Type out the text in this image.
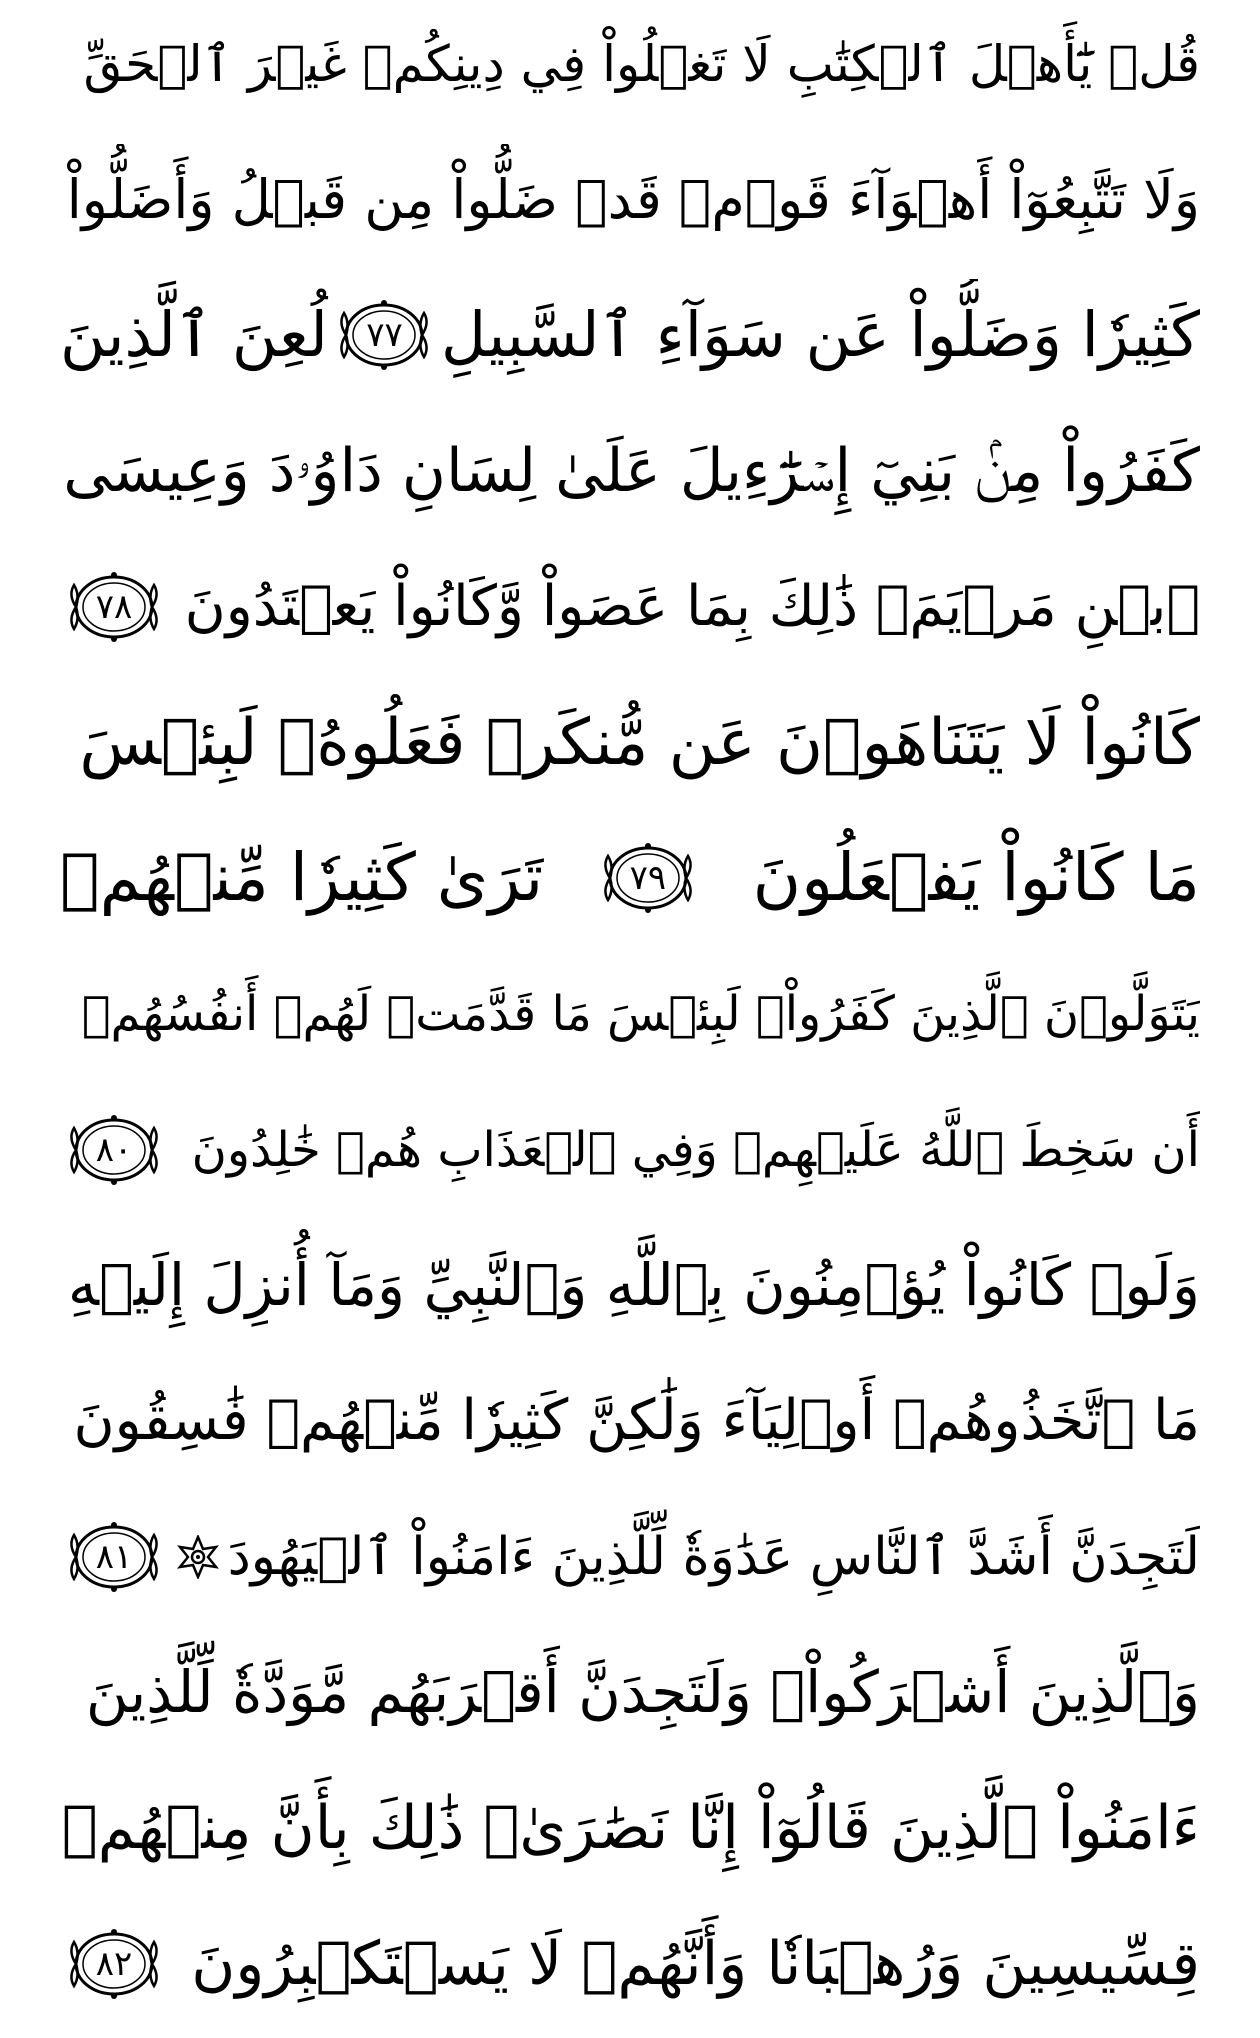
قُلۡ يَٰٓأَهۡلَ ٱلۡكِتَٰبِ لَا تَغۡلُواْ فِي دِينِكُمۡ غَيۡرَ ٱلۡحَقِّ
وَلَا تَتَّبِعُوٓاْ أَهۡوَآءَ قَوۡمٖ قَدۡ ضَلُّواْ مِن قَبۡلُ وَأَضَلُّواْ
كَثِيرٗا وَضَلُّواْ عَن سَوَآءِ ٱلسَّبِيلِ
٧٧
لُعِنَ ٱلَّذِينَ
كَفَرُواْ مِنۢ بَنِيٓ إِسۡرَٰٓءِيلَ عَلَىٰ لِسَانِ دَاوُۥدَ وَعِيسَى
ٱبۡنِ مَرۡيَمَۚ ذَٰلِكَ بِمَا عَصَواْ وَّكَانُواْ يَعۡتَدُونَ
٧٨
كَانُواْ لَا يَتَنَاهَوۡنَ عَن مُّنكَرٖ فَعَلُوهُۚ لَبِئۡسَ
مَا كَانُواْ يَفۡعَلُونَ
٧٩
تَرَىٰ كَثِيرٗا مِّنۡهُمۡ
يَتَوَلَّوۡنَ ٱلَّذِينَ كَفَرُواْۚ لَبِئۡسَ مَا قَدَّمَتۡ لَهُمۡ أَنفُسُهُمۡ
أَن سَخِطَ ٱللَّهُ عَلَيۡهِمۡ وَفِي ٱلۡعَذَابِ هُمۡ خَٰلِدُونَ
٨٠
وَلَوۡ كَانُواْ يُؤۡمِنُونَ بِٱللَّهِ وَٱلنَّبِيِّ وَمَآ أُنزِلَ إِلَيۡهِ
مَا ٱتَّخَذُوهُمۡ أَوۡلِيَآءَ وَلَٰكِنَّ كَثِيرٗا مِّنۡهُمۡ فَٰسِقُونَ
لَتَجِدَنَّ أَشَدَّ ٱلنَّاسِ عَدَٰوَةٗ لِّلَّذِينَ ءَامَنُواْ ٱلۡيَهُودَ
٨١
وَٱلَّذِينَ أَشۡرَكُواْۖ وَلَتَجِدَنَّ أَقۡرَبَهُم مَّوَدَّةٗ لِّلَّذِينَ
ءَامَنُواْ ٱلَّذِينَ قَالُوٓاْ إِنَّا نَصَٰرَىٰۚ ذَٰلِكَ بِأَنَّ مِنۡهُمۡ
قِسِّيسِينَ وَرُهۡبَانٗا وَأَنَّهُمۡ لَا يَسۡتَكۡبِرُونَ
٨٢
